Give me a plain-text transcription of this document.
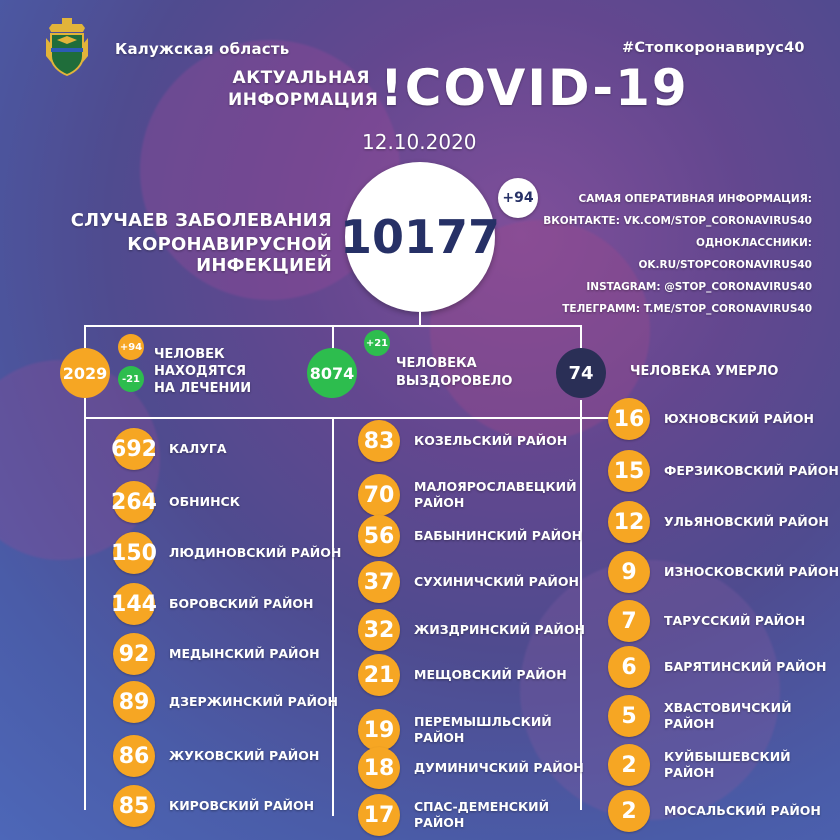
Калужская область	#Стопкоронавирус40
АКТУАЛЬНАЯ
ИНФОРМАЦИЯ !COVID-19
12.10.2020
СЛУЧАЕВ ЗАБОЛЕВАНИЯ
КОРОНАВИРУСНОЙ ИНФЕКЦИЕЙ
10177
+94	САМАЯ ОПЕРАТИВНАЯ ИНФОРМАЦИЯ:
ВКОНТАКТЕ: VK.COM/STOP_CORONAVIRUS40
ОДНОКЛАССНИКИ: OK.RU/STOPCORONAVIRUS40
INSTAGRAM: @STOP_CORONAVIRUS40
ТЕЛЕГРАММ: T.ME/STOP_CORONAVIRUS40
2029
+94
-21
ЧЕЛОВЕК
НАХОДЯТСЯ
НА ЛЕЧЕНИИ
8074
+21
ЧЕЛОВЕКА
ВЫЗДОРОВЕЛО	74	ЧЕЛОВЕКА УМЕРЛО
692 КАЛУГА
264 ОБНИНСК
150 ЛЮДИНОВСКИЙ РАЙОН
144 БОРОВСКИЙ РАЙОН
92	МЕДЫНСКИЙ РАЙОН
89	ДЗЕРЖИНСКИЙ РАЙОН
86	ЖУКОВСКИЙ РАЙОН
85	КИРОВСКИЙ РАЙОН
83	КОЗЕЛЬСКИЙ РАЙОН
70	МАЛОЯРОСЛАВЕЦКИЙ
РАЙОН
56	БАБЫНИНСКИЙ РАЙОН
37	СУХИНИЧСКИЙ РАЙОН
32	ЖИЗДРИНСКИЙ РАЙОН
21	МЕЩОВСКИЙ РАЙОН
19	ПЕРЕМЫШЛЬСКИЙ
РАЙОН
18	ДУМИНИЧСКИЙ РАЙОН
17	СПАС-ДЕМЕНСКИЙ
РАЙОН
16	ЮХНОВСКИЙ РАЙОН
15	ФЕРЗИКОВСКИЙ РАЙОН
12	УЛЬЯНОВСКИЙ РАЙОН
9	ИЗНОСКОВСКИЙ РАЙОН
7	ТАРУССКИЙ РАЙОН
6	БАРЯТИНСКИЙ РАЙОН
5	ХВАСТОВИЧСКИЙ РАЙОН
2	КУЙБЫШЕВСКИЙ РАЙОН
2	МОСАЛЬСКИЙ РАЙОН
